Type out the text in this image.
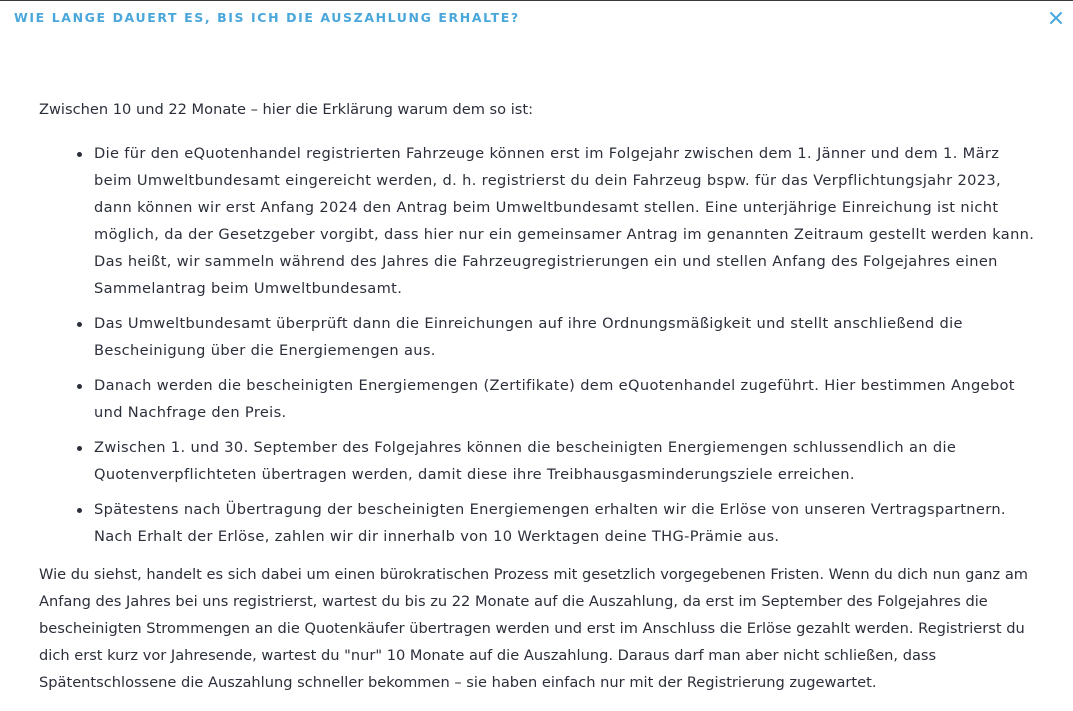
WIE LANGE DAUERT ES, BIS ICH DIE AUSZAHLUNG ERHALTE?

Zwischen 10 und 22 Monate – hier die Erklärung warum dem so ist:

Die für den eQuotenhandel registrierten Fahrzeuge können erst im Folgejahr zwischen dem 1. Jänner und dem 1. März beim Umweltbundesamt eingereicht werden, d. h. registrierst du dein Fahrzeug bspw. für das Verpflichtungsjahr 2023, dann können wir erst Anfang 2024 den Antrag beim Umweltbundesamt stellen. Eine unterjährige Einreichung ist nicht möglich, da der Gesetzgeber vorgibt, dass hier nur ein gemeinsamer Antrag im genannten Zeitraum gestellt werden kann. Das heißt, wir sammeln während des Jahres die Fahrzeugregistrierungen ein und stellen Anfang des Folgejahres einen Sammelantrag beim Umweltbundesamt.
Das Umweltbundesamt überprüft dann die Einreichungen auf ihre Ordnungsmäßigkeit und stellt anschließend die Bescheinigung über die Energiemengen aus.
Danach werden die bescheinigten Energiemengen (Zertifikate) dem eQuotenhandel zugeführt. Hier bestimmen Angebot und Nachfrage den Preis.
Zwischen 1. und 30. September des Folgejahres können die bescheinigten Energiemengen schlussendlich an die Quotenverpflichteten übertragen werden, damit diese ihre Treibhausgasminderungsziele erreichen.
Spätestens nach Übertragung der bescheinigten Energiemengen erhalten wir die Erlöse von unseren Vertragspartnern. Nach Erhalt der Erlöse, zahlen wir dir innerhalb von 10 Werktagen deine THG-Prämie aus.

Wie du siehst, handelt es sich dabei um einen bürokratischen Prozess mit gesetzlich vorgegebenen Fristen. Wenn du dich nun ganz am Anfang des Jahres bei uns registrierst, wartest du bis zu 22 Monate auf die Auszahlung, da erst im September des Folgejahres die bescheinigten Strommengen an die Quotenkäufer übertragen werden und erst im Anschluss die Erlöse gezahlt werden. Registrierst du dich erst kurz vor Jahresende, wartest du "nur" 10 Monate auf die Auszahlung. Daraus darf man aber nicht schließen, dass Spätentschlossene die Auszahlung schneller bekommen – sie haben einfach nur mit der Registrierung zugewartet.
